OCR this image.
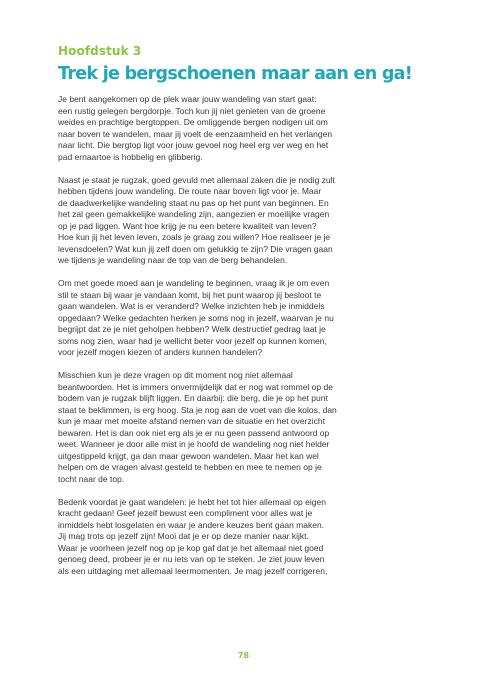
Hoofdstuk 3
Trek je bergschoenen maar aan en ga!

Je bent aangekomen op de plek waar jouw wandeling van start gaat:
een rustig gelegen bergdorpje. Toch kun jij niet genieten van de groene
weides en prachtige bergtoppen. De omliggende bergen nodigen uit om
naar boven te wandelen, maar jij voelt de eenzaamheid en het verlangen
naar licht. Die bergtop ligt voor jouw gevoel nog heel erg ver weg en het
pad ernaartoe is hobbelig en glibberig.

Naast je staat je rugzak, goed gevuld met allemaal zaken die je nodig zult
hebben tijdens jouw wandeling. De route naar boven ligt voor je. Maar
de daadwerkelijke wandeling staat nu pas op het punt van beginnen. En
het zal geen gemakkelijke wandeling zijn, aangezien er moeilijke vragen
op je pad liggen. Want hoe krijg je nu een betere kwaliteit van leven?
Hoe kun jij het leven leven, zoals je graag zou willen? Hoe realiseer je je
levensdoelen? Wat kun jij zelf doen om gelukkig te zijn? Die vragen gaan
we tijdens je wandeling naar de top van de berg behandelen.

Om met goede moed aan je wandeling te beginnen, vraag ik je om even
stil te staan bij waar je vandaan komt, bij het punt waarop jij besloot te
gaan wandelen. Wat is er veranderd? Welke inzichten heb je inmiddels
opgedaan? Welke gedachten herken je soms nog in jezelf, waarvan je nu
begrijpt dat ze je niet geholpen hebben? Welk destructief gedrag laat je
soms nog zien, waar had je wellicht beter voor jezelf op kunnen komen,
voor jezelf mogen kiezen of anders kunnen handelen?

Misschien kun je deze vragen op dit moment nog niet allemaal
beantwoorden. Het is immers onvermijdelijk dat er nog wat rommel op de
bodem van je rugzak blijft liggen. En daarbij: die berg, die je op het punt
staat te beklimmen, is erg hoog. Sta je nog aan de voet van die kolos, dan
kun je maar met moeite afstand nemen van de situatie en het overzicht
bewaren. Het is dan ook niet erg als je er nu geen passend antwoord op
weet. Wanneer je door alle mist in je hoofd de wandeling nog niet helder
uitgestippeld krijgt, ga dan maar gewoon wandelen. Maar het kan wel
helpen om de vragen alvast gesteld te hebben en mee te nemen op je
tocht naar de top.

Bedenk voordat je gaat wandelen: je hebt het tot hier allemaal op eigen
kracht gedaan! Geef jezelf bewust een compliment voor alles wat je
inmiddels hebt losgelaten en waar je andere keuzes bent gaan maken.
Jij mag trots op jezelf zijn! Mooi dat je er op deze manier naar kijkt.
Waar je voorheen jezelf nog op je kop gaf dat je het allemaal niet goed
genoeg deed, probeer je er nu iets van op te steken. Je ziet jouw leven
als een uitdaging met allemaal leermomenten. Je mag jezelf corrigeren,

78
